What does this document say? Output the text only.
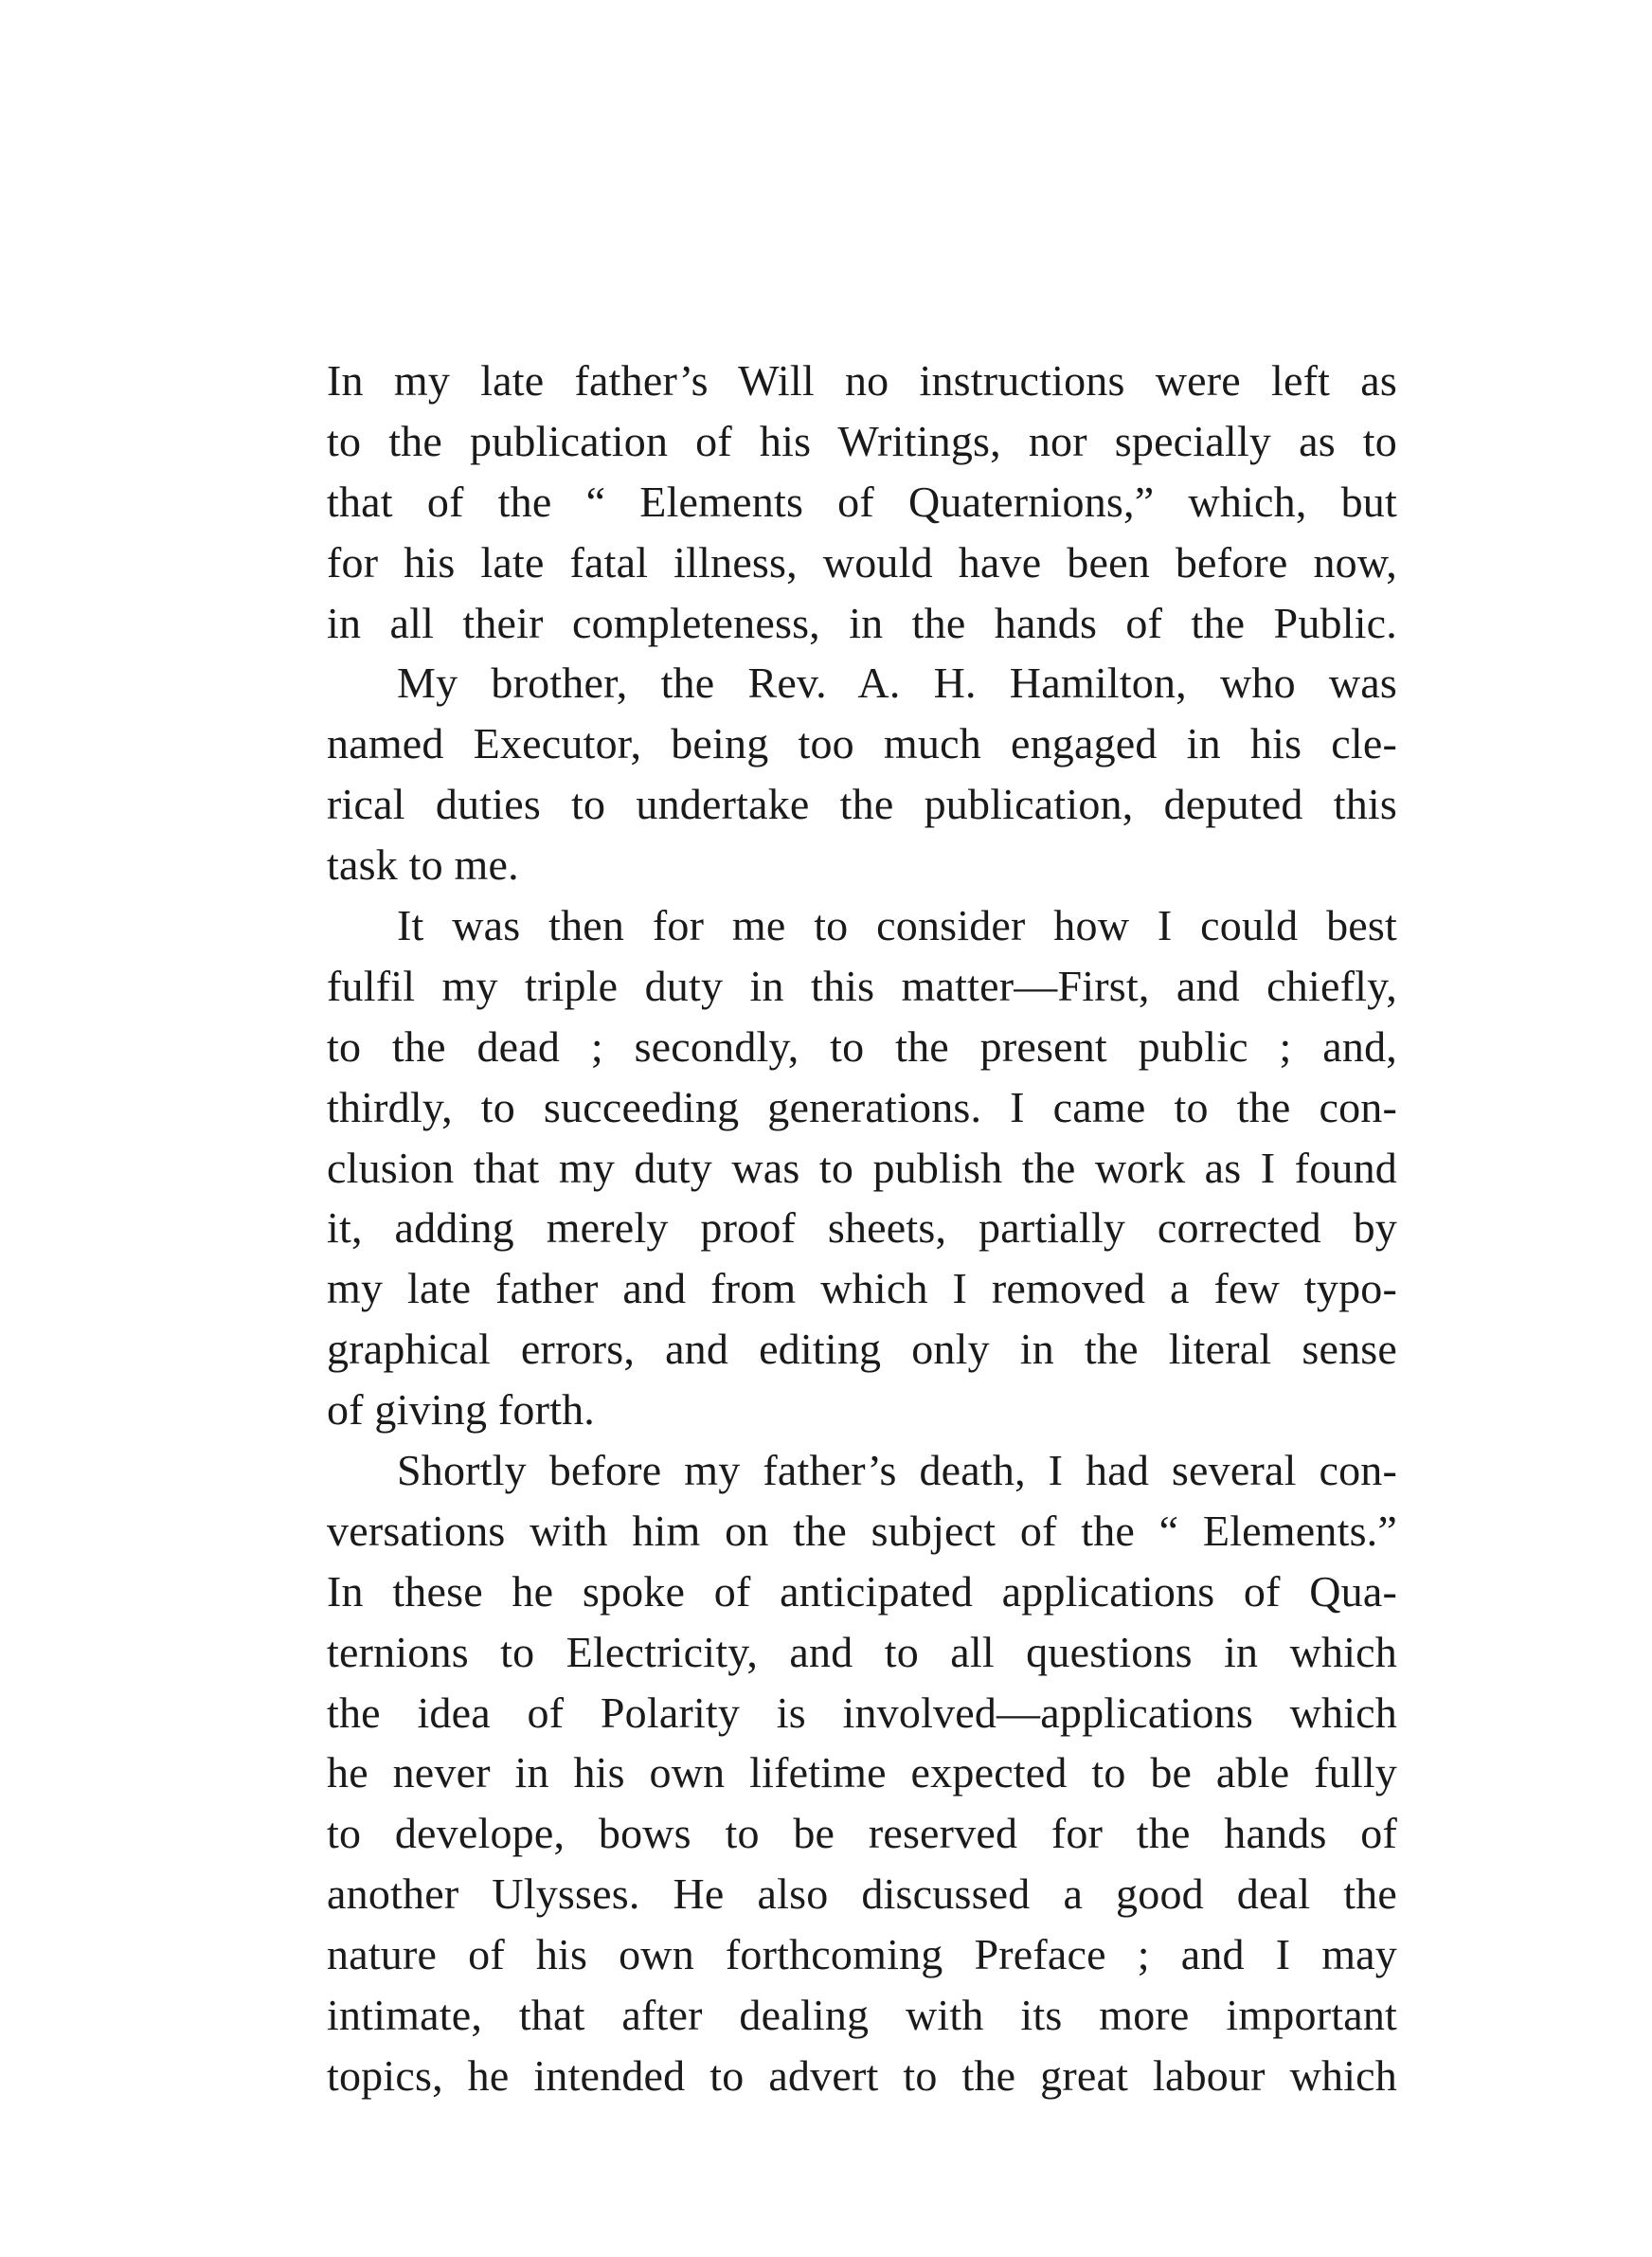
In my late father’s Will no instructions were left as
to the publication of his Writings, nor specially as to
that of the “ Elements of Quaternions,” which, but
for his late fatal illness, would have been before now,
in all their completeness, in the hands of the Public.
My brother, the Rev. A. H. Hamilton, who was
named Executor, being too much engaged in his cle-
rical duties to undertake the publication, deputed this
task to me.
It was then for me to consider how I could best
fulfil my triple duty in this matter—First, and chiefly,
to the dead ; secondly, to the present public ; and,
thirdly, to succeeding generations. I came to the con-
clusion that my duty was to publish the work as I found
it, adding merely proof sheets, partially corrected by
my late father and from which I removed a few typo-
graphical errors, and editing only in the literal sense
of giving forth.
Shortly before my father’s death, I had several con-
versations with him on the subject of the “ Elements.”
In these he spoke of anticipated applications of Qua-
ternions to Electricity, and to all questions in which
the idea of Polarity is involved—applications which
he never in his own lifetime expected to be able fully
to develope, bows to be reserved for the hands of
another Ulysses. He also discussed a good deal the
nature of his own forthcoming Preface ; and I may
intimate, that after dealing with its more important
topics, he intended to advert to the great labour which
